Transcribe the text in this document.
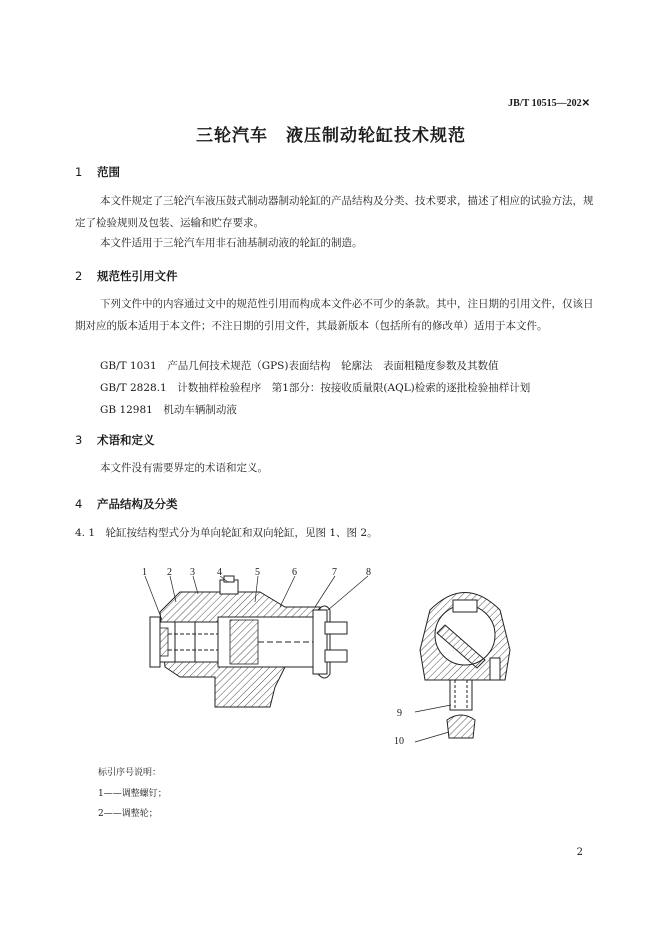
JB/T 10515—202✕
三轮汽车　液压制动轮缸技术规范
1 范围
本文件规定了三轮汽车液压鼓式制动器制动轮缸的产品结构及分类、技术要求，描述了相应的试验方法，规定了检验规则及包装、运输和贮存要求。
本文件适用于三轮汽车用非石油基制动液的轮缸的制造。
2 规范性引用文件
下列文件中的内容通过文中的规范性引用而构成本文件必不可少的条款。其中，注日期的引用文件，仅该日期对应的版本适用于本文件；不注日期的引用文件，其最新版本（包括所有的修改单）适用于本文件。
GB/T 1031　产品几何技术规范（GPS)表面结构　轮廓法　表面粗糙度参数及其数值
GB/T 2828.1　计数抽样检验程序　第1部分：按接收质量限(AQL)检索的逐批检验抽样计划
GB 12981　机动车辆制动液
3 术语和定义
本文件没有需要界定的术语和定义。
4 产品结构及分类
4. 1　轮缸按结构型式分为单向轮缸和双向轮缸，见图 1、图 2。
1 2 3 4	5	6	7	8
9
10
标引序号说明：
1——调整螺钉；
2——调整轮；
2
